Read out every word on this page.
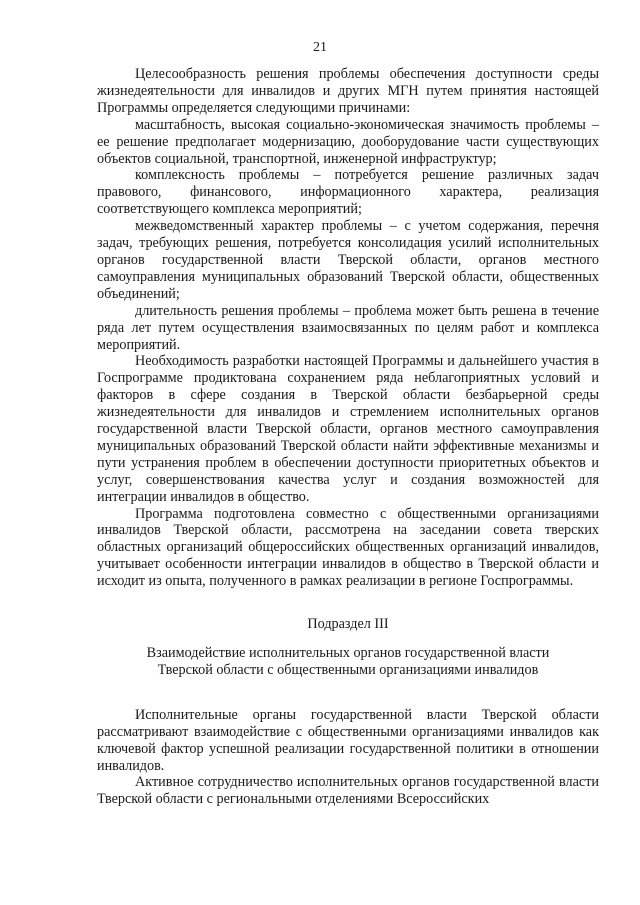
21

Целесообразность решения проблемы обеспечения доступности среды жизнедеятельности для инвалидов и других МГН путем принятия настоящей Программы определяется следующими причинами:

масштабность, высокая социально-экономическая значимость проблемы – ее решение предполагает модернизацию, дооборудование части существующих объектов социальной, транспортной, инженерной инфраструктур;

комплексность проблемы – потребуется решение различных задач правового, финансового, информационного характера, реализация соответствующего комплекса мероприятий;

межведомственный характер проблемы – с учетом содержания, перечня задач, требующих решения, потребуется консолидация усилий исполнительных органов государственной власти Тверской области, органов местного самоуправления муниципальных образований Тверской области, общественных объединений;

длительность решения проблемы – проблема может быть решена в течение ряда лет путем осуществления взаимосвязанных по целям работ и комплекса мероприятий.

Необходимость разработки настоящей Программы и дальнейшего участия в Госпрограмме продиктована сохранением ряда неблагоприятных условий и факторов в сфере создания в Тверской области безбарьерной среды жизнедеятельности для инвалидов и стремлением исполнительных органов государственной власти Тверской области, органов местного самоуправления муниципальных образований Тверской области найти эффективные механизмы и пути устранения проблем в обеспечении доступности приоритетных объектов и услуг, совершенствования качества услуг и создания возможностей для интеграции инвалидов в общество.

Программа подготовлена совместно с общественными организациями инвалидов Тверской области, рассмотрена на заседании совета тверских областных организаций общероссийских общественных организаций инвалидов, учитывает особенности интеграции инвалидов в общество в Тверской области и исходит из опыта, полученного в рамках реализации в регионе Госпрограммы.

Подраздел III
Взаимодействие исполнительных органов государственной власти
Тверской области с общественными организациями инвалидов

Исполнительные органы государственной власти Тверской области рассматривают взаимодействие с общественными организациями инвалидов как ключевой фактор успешной реализации государственной политики в отношении инвалидов.

Активное сотрудничество исполнительных органов государственной власти Тверской области с региональными отделениями Всероссийских
